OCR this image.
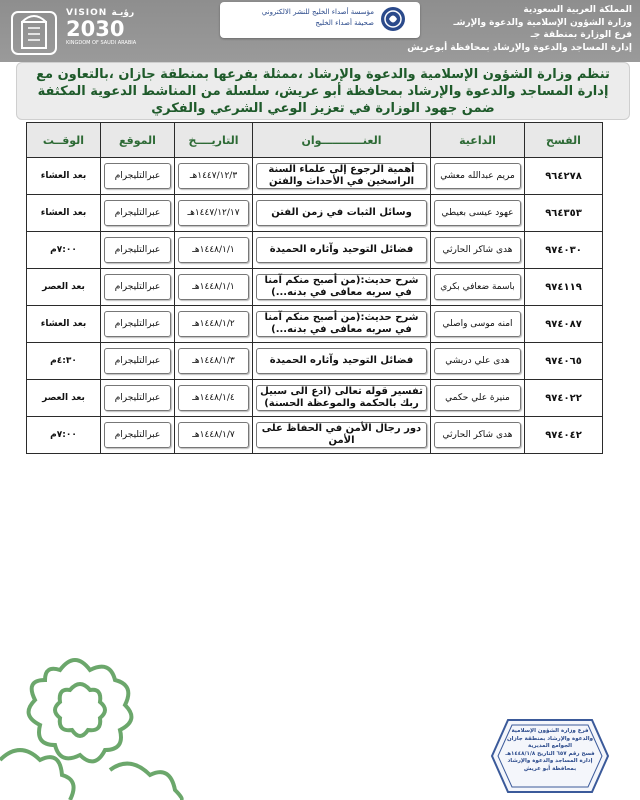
VISION رؤيـة
2030
KINGDOM OF SAUDI ARABIA
مؤسسة أصداء الخليج للنشر الالكتروني
صحيفة أصداء الخليج
المملكة العربية السعودية
وزارة الشؤون الإسلامية والدعوة والإرشـ
فرع الوزارة بمنطقة جـ
إدارة المساجد والدعوة والإرشاد بمحافظة أبوعريش

تنظم وزارة الشؤون الإسلامية والدعوة والإرشاد ،ممثلة بفرعها بمنطقة جازان ،بالتعاون مع إدارة المساجد والدعوة والإرشاد بمحافظة أبو عريش، سلسلة من المناشط الدعوية المكثفة ضمن جهود الوزارة في تعزيز الوعي الشرعي والفكري

الفسح	الداعية	العنـــــــــــوان	التاريــــخ	الموقع	الوقــت
٩٦٤٢٧٨	مريم عبدالله معشي	أهمية الرجوع إلى علماء السنة الراسخين في الأحداث والفتن	١٤٤٧/١٢/٣هـ	عبرالتليجرام	بعد العشاء
٩٦٤٣٥٣	عهود عيسى بعيطي	وسائل الثبات في زمن الفتن	١٤٤٧/١٢/١٧هـ	عبرالتليجرام	بعد العشاء
٩٧٤٠٣٠	هدى شاكر الحارثي	فضائل التوحيد وآثاره الحميدة	١٤٤٨/١/١هـ	عبرالتليجرام	٧:٠٠م
٩٧٤١١٩	باسمة ضعافي بكري	شرح حديث:(من أصبح منكم آمنا في سربه معافى في بدنه...)	١٤٤٨/١/١هـ	عبرالتليجرام	بعد العصر
٩٧٤٠٨٧	امنه موسى واصلي	شرح حديث:(من أصبح منكم آمنا في سربه معافى في بدنه...)	١٤٤٨/١/٢هـ	عبرالتليجرام	بعد العشاء
٩٧٤٠٦٥	هدى علي دربشي	فضائل التوحيد وآثاره الحميدة	١٤٤٨/١/٣هـ	عبرالتليجرام	٤:٣٠م
٩٧٤٠٢٢	منيرة علي حكمي	تفسير قوله تعالى (ادع الى سبيل ربك بالحكمة والموعظة الحسنة)	١٤٤٨/١/٤هـ	عبرالتليجرام	بعد العصر
٩٧٤٠٤٢	هدى شاكر الحارثي	دور رجال الأمن في الحفاظ على الأمن	١٤٤٨/١/٧هـ	عبرالتليجرام	٧:٠٠م
فرع وزارة الشؤون الإسلامية
والدعوة والإرشاد بمنطقة جازان
الجوامع المديرية
فسح رقم ٦٥٧ التاريخ ١٤٤٨/١/٨هـ
إدارة المساجد والدعوة والإرشاد
بمحافظة أبو عريش
